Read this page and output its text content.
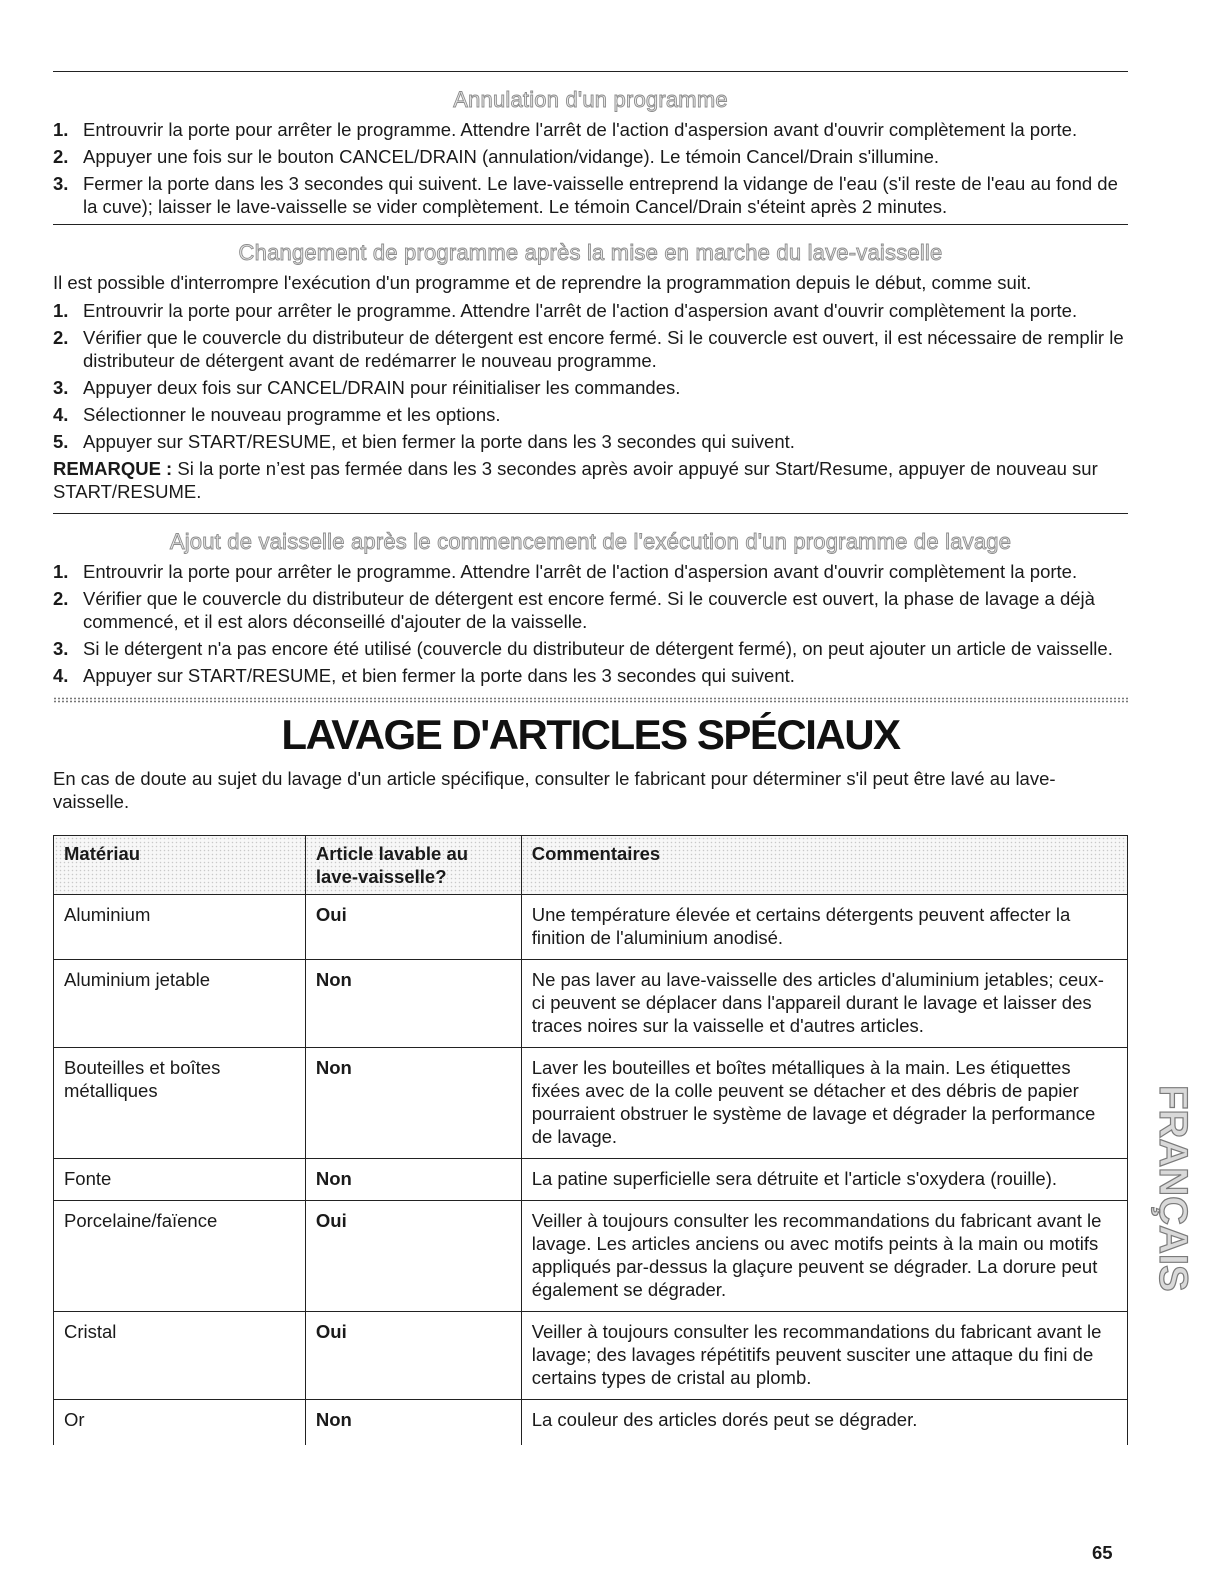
Annulation d'un programme
1. Entrouvrir la porte pour arrêter le programme. Attendre l'arrêt de l'action d'aspersion avant d'ouvrir complètement la porte.
2. Appuyer une fois sur le bouton CANCEL/DRAIN (annulation/vidange). Le témoin Cancel/Drain s'illumine.
3. Fermer la porte dans les 3 secondes qui suivent. Le lave-vaisselle entreprend la vidange de l'eau (s'il reste de l'eau au fond de la cuve); laisser le lave-vaisselle se vider complètement. Le témoin Cancel/Drain s'éteint après 2 minutes.
Changement de programme après la mise en marche du lave-vaisselle

Il est possible d'interrompre l'exécution d'un programme et de reprendre la programmation depuis le début, comme suit.

1. Entrouvrir la porte pour arrêter le programme. Attendre l'arrêt de l'action d'aspersion avant d'ouvrir complètement la porte.
2. Vérifier que le couvercle du distributeur de détergent est encore fermé. Si le couvercle est ouvert, il est nécessaire de remplir le distributeur de détergent avant de redémarrer le nouveau programme.
3. Appuyer deux fois sur CANCEL/DRAIN pour réinitialiser les commandes.
4. Sélectionner le nouveau programme et les options.
5. Appuyer sur START/RESUME, et bien fermer la porte dans les 3 secondes qui suivent.

REMARQUE : Si la porte n’est pas fermée dans les 3 secondes après avoir appuyé sur Start/Resume, appuyer de nouveau sur START/RESUME.

Ajout de vaisselle après le commencement de l'exécution d'un programme de lavage
1. Entrouvrir la porte pour arrêter le programme. Attendre l'arrêt de l'action d'aspersion avant d'ouvrir complètement la porte.
2. Vérifier que le couvercle du distributeur de détergent est encore fermé. Si le couvercle est ouvert, la phase de lavage a déjà commencé, et il est alors déconseillé d'ajouter de la vaisselle.
3. Si le détergent n'a pas encore été utilisé (couvercle du distributeur de détergent fermé), on peut ajouter un article de vaisselle.
4. Appuyer sur START/RESUME, et bien fermer la porte dans les 3 secondes qui suivent.
LAVAGE D'ARTICLES SPÉCIAUX

En cas de doute au sujet du lavage d'un article spécifique, consulter le fabricant pour déterminer s'il peut être lavé au lave-vaisselle.

Matériau	Article lavable au lave-vaisselle?	Commentaires
Aluminium	Oui	Une température élevée et certains détergents peuvent affecter la finition de l'aluminium anodisé.
Aluminium jetable	Non	Ne pas laver au lave-vaisselle des articles d'aluminium jetables; ceux-ci peuvent se déplacer dans l'appareil durant le lavage et laisser des traces noires sur la vaisselle et d'autres articles.
Bouteilles et boîtes métalliques	Non	Laver les bouteilles et boîtes métalliques à la main. Les étiquettes fixées avec de la colle peuvent se détacher et des débris de papier pourraient obstruer le système de lavage et dégrader la performance de lavage.
Fonte	Non	La patine superficielle sera détruite et l'article s'oxydera (rouille).
Porcelaine/faïence	Oui	Veiller à toujours consulter les recommandations du fabricant avant le lavage. Les articles anciens ou avec motifs peints à la main ou motifs appliqués par-dessus la glaçure peuvent se dégrader. La dorure peut également se dégrader.
Cristal	Oui	Veiller à toujours consulter les recommandations du fabricant avant le lavage; des lavages répétitifs peuvent susciter une attaque du fini de certains types de cristal au plomb.
Or	Non	La couleur des articles dorés peut se dégrader.
FRANÇAIS
65
